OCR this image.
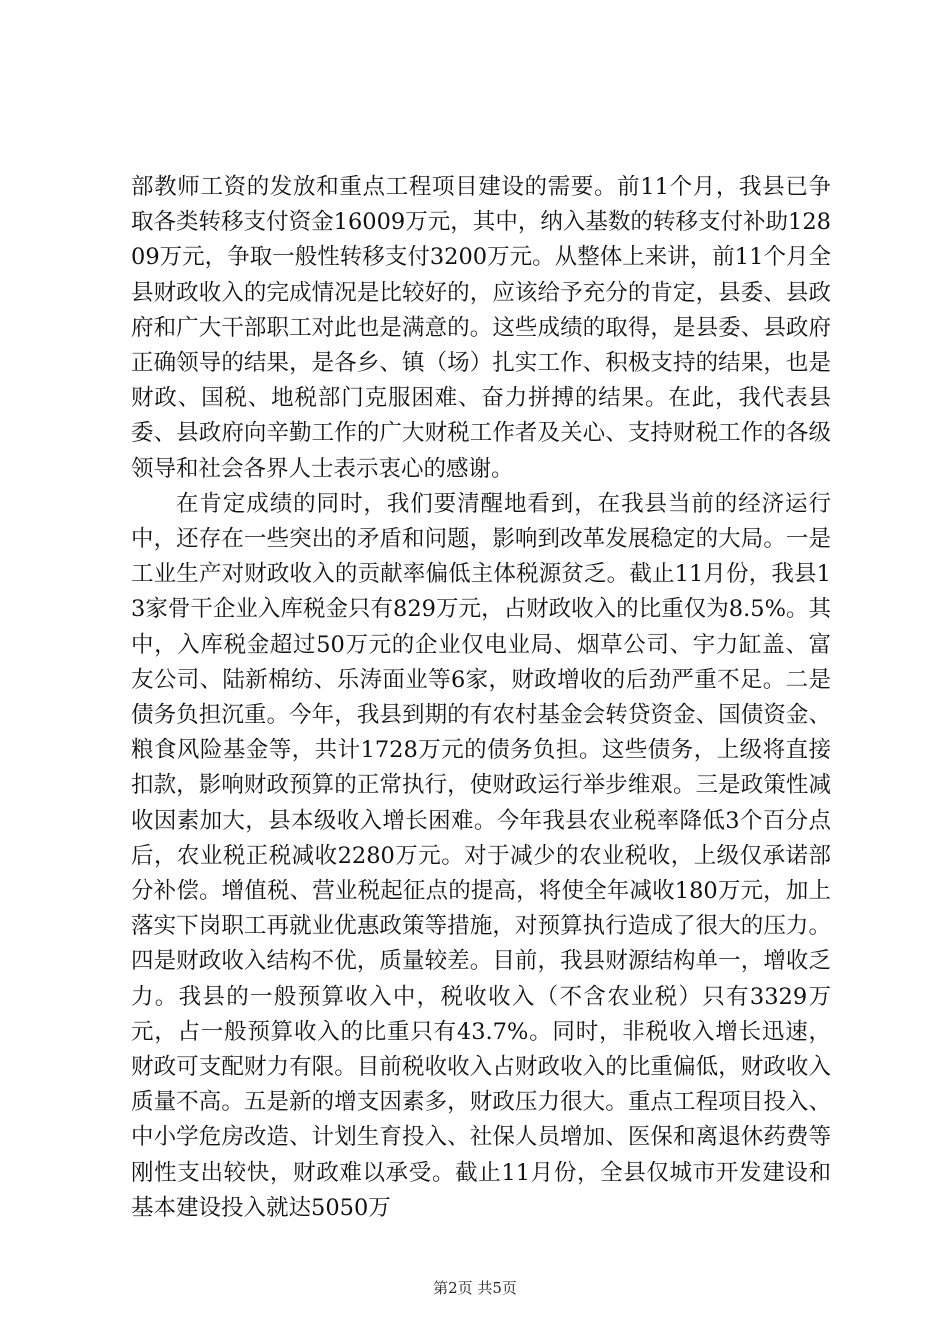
部教师工资的发放和重点工程项目建设的需要。前11个月，我县已争取各类转移支付资金16009万元，其中，纳入基数的转移支付补助12809万元，争取一般性转移支付3200万元。从整体上来讲，前11个月全县财政收入的完成情况是比较好的，应该给予充分的肯定，县委、县政府和广大干部职工对此也是满意的。这些成绩的取得，是县委、县政府正确领导的结果，是各乡、镇（场）扎实工作、积极支持的结果，也是财政、国税、地税部门克服困难、奋力拼搏的结果。在此，我代表县委、县政府向辛勤工作的广大财税工作者及关心、支持财税工作的各级领导和社会各界人士表示衷心的感谢。

在肯定成绩的同时，我们要清醒地看到，在我县当前的经济运行中，还存在一些突出的矛盾和问题，影响到改革发展稳定的大局。一是工业生产对财政收入的贡献率偏低主体税源贫乏。截止11月份，我县13家骨干企业入库税金只有829万元，占财政收入的比重仅为8.5%。其中，入库税金超过50万元的企业仅电业局、烟草公司、宇力缸盖、富友公司、陆新棉纺、乐涛面业等6家，财政增收的后劲严重不足。二是债务负担沉重。今年，我县到期的有农村基金会转贷资金、国债资金、粮食风险基金等，共计1728万元的债务负担。这些债务，上级将直接扣款，影响财政预算的正常执行，使财政运行举步维艰。三是政策性减收因素加大，县本级收入增长困难。今年我县农业税率降低3个百分点后，农业税正税减收2280万元。对于减少的农业税收，上级仅承诺部分补偿。增值税、营业税起征点的提高，将使全年减收180万元，加上落实下岗职工再就业优惠政策等措施，对预算执行造成了很大的压力。四是财政收入结构不优，质量较差。目前，我县财源结构单一，增收乏力。我县的一般预算收入中，税收收入（不含农业税）只有3329万元，占一般预算收入的比重只有43.7%。同时，非税收入增长迅速，财政可支配财力有限。目前税收收入占财政收入的比重偏低，财政收入质量不高。五是新的增支因素多，财政压力很大。重点工程项目投入、中小学危房改造、计划生育投入、社保人员增加、医保和离退休药费等刚性支出较快，财政难以承受。截止11月份，全县仅城市开发建设和基本建设投入就达5050万

第2页 共5页
